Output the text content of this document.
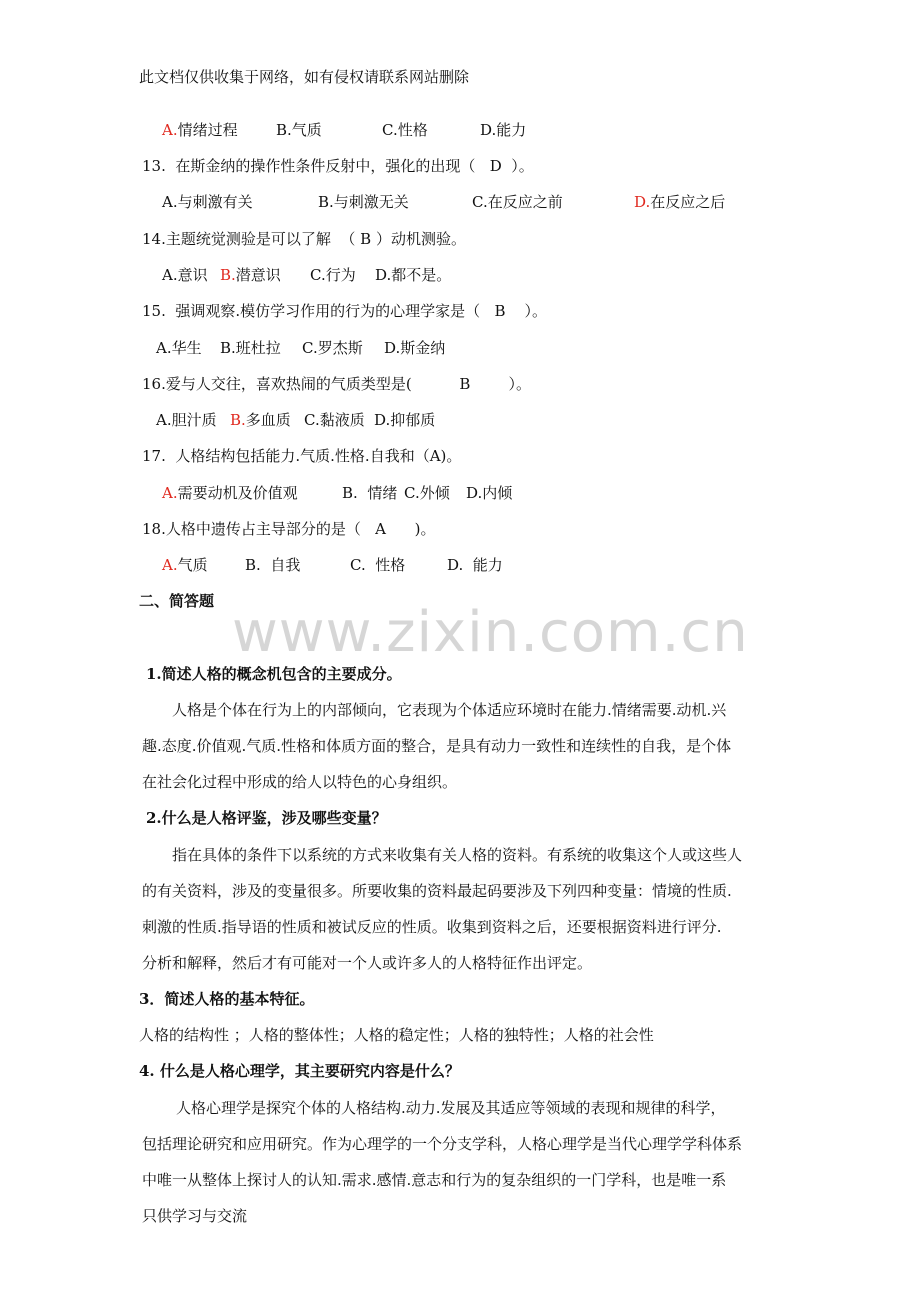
www.zixin.com.cn
此文档仅供收集于网络，如有侵权请联系网站删除
A.情绪过程	B.气质	C.性格	D.能力
13.  在斯金纳的操作性条件反射中，强化的出现（   D  ）。
A.与刺激有关	B.与刺激无关	C.在反应之前	D.在反应之后
14.主题统觉测验是可以了解  （ B ）动机测验。
A.意识 B.潜意识 C.行为 D.都不是。
15.  强调观察.模仿学习作用的行为的心理学家是（   B    ）。
A.华生 B.班杜拉 C.罗杰斯 D.斯金纳
16.爱与人交往，喜欢热闹的气质类型是(          B        ）。
A.胆汁质 B.多血质 C.黏液质 D.抑郁质
17.  人格结构包括能力.气质.性格.自我和（A)。
A.需要动机及价值观	B.  情绪 C.外倾 D.内倾
18.人格中遗传占主导部分的是（   A      )。
A.气质 B.  自我	C.  性格	D.  能力
二、简答题
1.简述人格的概念机包含的主要成分。
人格是个体在行为上的内部倾向，它表现为个体适应环境时在能力.情绪需要.动机.兴
趣.态度.价值观.气质.性格和体质方面的整合，是具有动力一致性和连续性的自我，是个体
在社会化过程中形成的给人以特色的心身组织。
2.什么是人格评鉴，涉及哪些变量？
指在具体的条件下以系统的方式来收集有关人格的资料。有系统的收集这个人或这些人
的有关资料，涉及的变量很多。所要收集的资料最起码要涉及下列四种变量：情境的性质.
刺激的性质.指导语的性质和被试反应的性质。收集到资料之后，还要根据资料进行评分.
分析和解释，然后才有可能对一个人或许多人的人格特征作出评定。
3．简述人格的基本特征。
人格的结构性 ；人格的整体性；人格的稳定性；人格的独特性；人格的社会性
4. 什么是人格心理学，其主要研究内容是什么？
人格心理学是探究个体的人格结构.动力.发展及其适应等领域的表现和规律的科学，
包括理论研究和应用研究。作为心理学的一个分支学科，人格心理学是当代心理学学科体系
中唯一从整体上探讨人的认知.需求.感情.意志和行为的复杂组织的一门学科，也是唯一系
只供学习与交流
